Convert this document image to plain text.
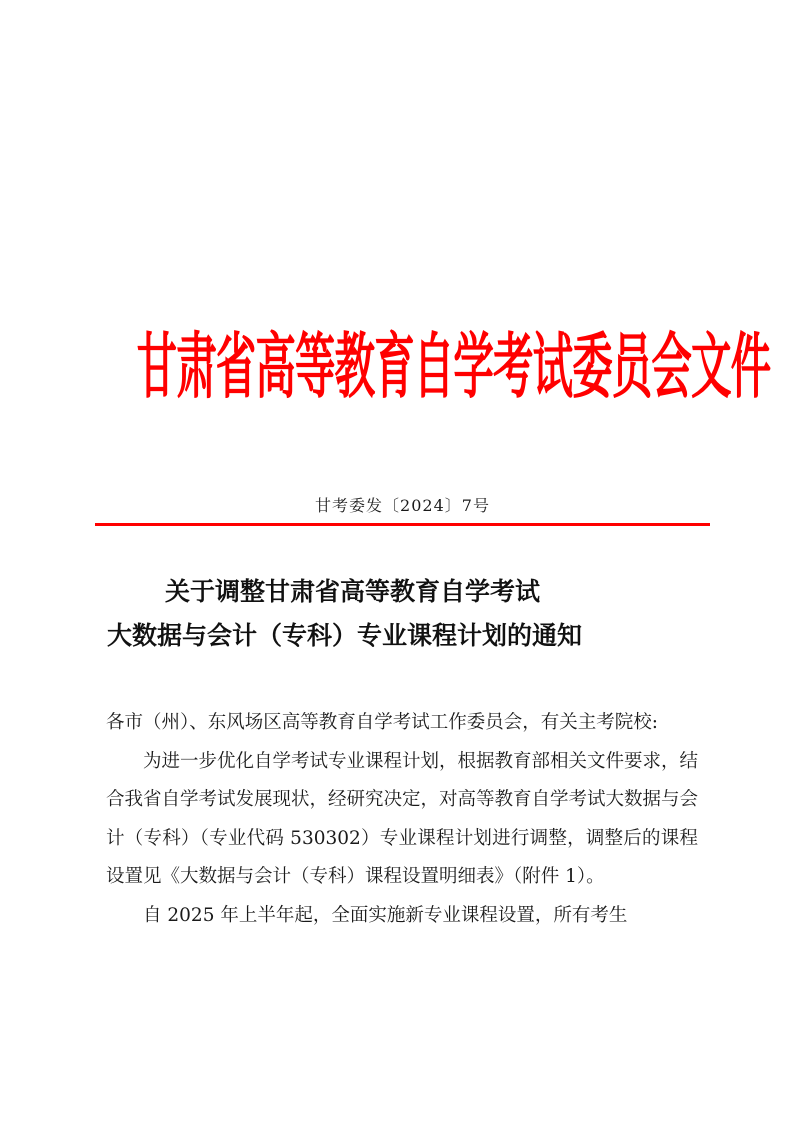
甘肃省高等教育自学考试委员会文件
甘考委发〔2024〕7号
关于调整甘肃省高等教育自学考试
大数据与会计（专科）专业课程计划的通知

各市（州）、东风场区高等教育自学考试工作委员会，有关主考院校:

为进一步优化自学考试专业课程计划，根据教育部相关文件要求，结合我省自学考试发展现状，经研究决定，对高等教育自学考试大数据与会计（专科）（专业代码 530302）专业课程计划进行调整，调整后的课程设置见《大数据与会计（专科）课程设置明细表》（附件 1）。

自 2025 年上半年起，全面实施新专业课程设置，所有考生
